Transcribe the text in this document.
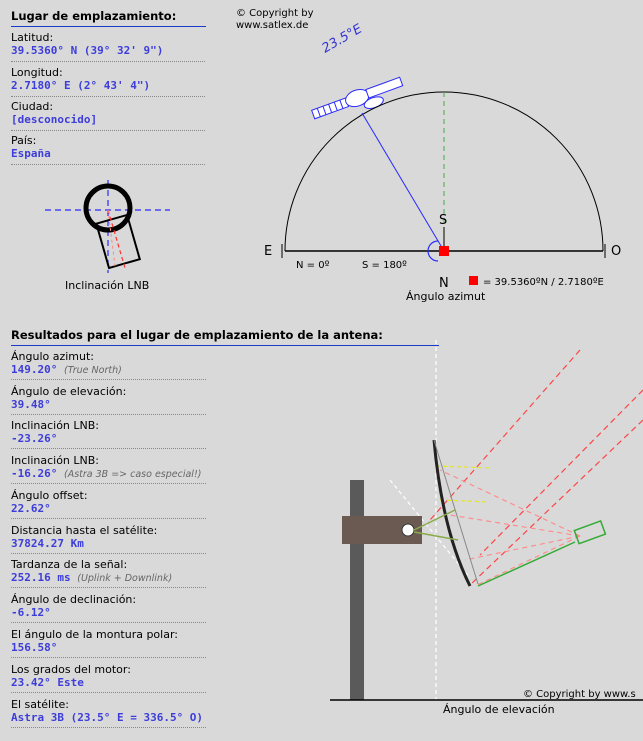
Lugar de emplazamiento:
Latitud:
39.5360° N (39° 32' 9")
Longitud:
2.7180° E (2° 43' 4")
Ciudad:
[desconocido]
País:
España
© Copyright by
www.satlex.de
Inclinación LNB
23.5°E
E	O
S
N
N = 0º	S = 180º
= 39.5360ºN / 2.7180ºE
Ángulo azimut
Resultados para el lugar de emplazamiento de la antena:
Ángulo azimut:
149.20° (True North)
Ángulo de elevación:
39.48°
Inclinación LNB:
-23.26°
Inclinación LNB:
-16.26° (Astra 3B => caso especial!)
Ángulo offset:
22.62°
Distancia hasta el satélite:
37824.27 Km
Tardanza de la señal:
252.16 ms (Uplink + Downlink)
Ángulo de declinación:
-6.12°
El ángulo de la montura polar:
156.58°
Los grados del motor:
23.42° Este
El satélite:
Astra 3B (23.5° E = 336.5° O)
Ángulo de elevación
© Copyright by www.s
